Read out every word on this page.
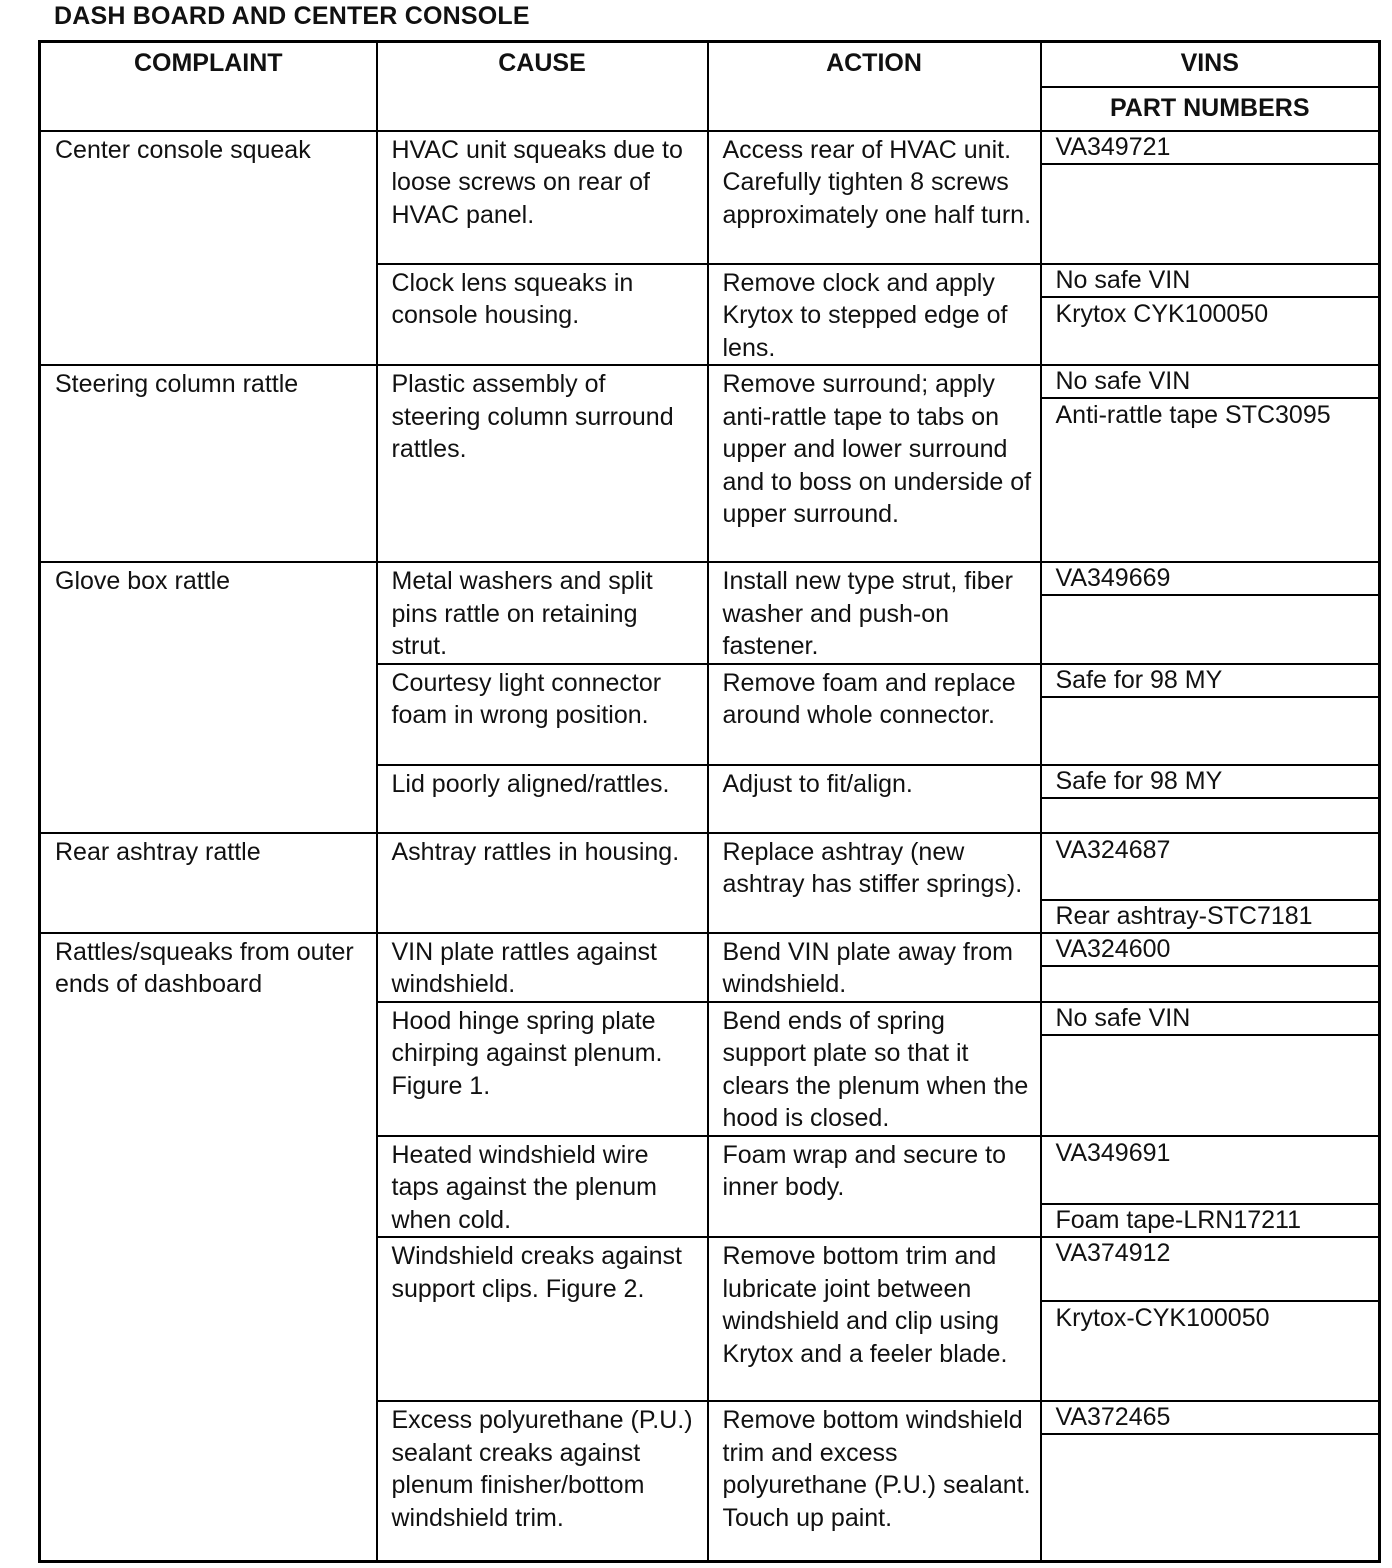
DASH BOARD AND CENTER CONSOLE
COMPLAINT	CAUSE	ACTION	VINS
			PART NUMBERS
Center console squeak	HVAC unit squeaks due to loose screws on rear of HVAC panel.	Access rear of HVAC unit. Carefully tighten 8 screws approximately one half turn.	VA349721

	Clock lens squeaks in console housing.	Remove clock and apply Krytox to stepped edge of lens.	No safe VIN
Krytox CYK100050

Steering column rattle	Plastic assembly of steering column surround rattles.	Remove surround; apply anti-rattle tape to tabs on upper and lower surround and to boss on underside of upper surround.	No safe VIN
Anti-rattle tape STC3095

Glove box rattle	Metal washers and split pins rattle on retaining strut.	Install new type strut, fiber washer and push-on fastener.	VA349669

	Courtesy light connector foam in wrong position.	Remove foam and replace around whole connector.	Safe for 98 MY

	Lid poorly aligned/rattles.	Adjust to fit/align.	Safe for 98 MY

Rear ashtray rattle	Ashtray rattles in housing.	Replace ashtray (new ashtray has stiffer springs).	VA324687
Rear ashtray-STC7181

Rattles/squeaks from outer ends of dashboard	VIN plate rattles against windshield.	Bend VIN plate away from windshield.	VA324600

	Hood hinge spring plate chirping against plenum. Figure 1.	Bend ends of spring support plate so that it clears the plenum when the hood is closed.	No safe VIN

	Heated windshield wire taps against the plenum when cold.	Foam wrap and secure to inner body.	VA349691
Foam tape-LRN17211

	Windshield creaks against support clips. Figure 2.	Remove bottom trim and lubricate joint between windshield and clip using Krytox and a feeler blade.	VA374912
Krytox-CYK100050

	Excess polyurethane (P.U.) sealant creaks against plenum finisher/bottom windshield trim.	Remove bottom windshield trim and excess polyurethane (P.U.) sealant. Touch up paint.	VA372465
